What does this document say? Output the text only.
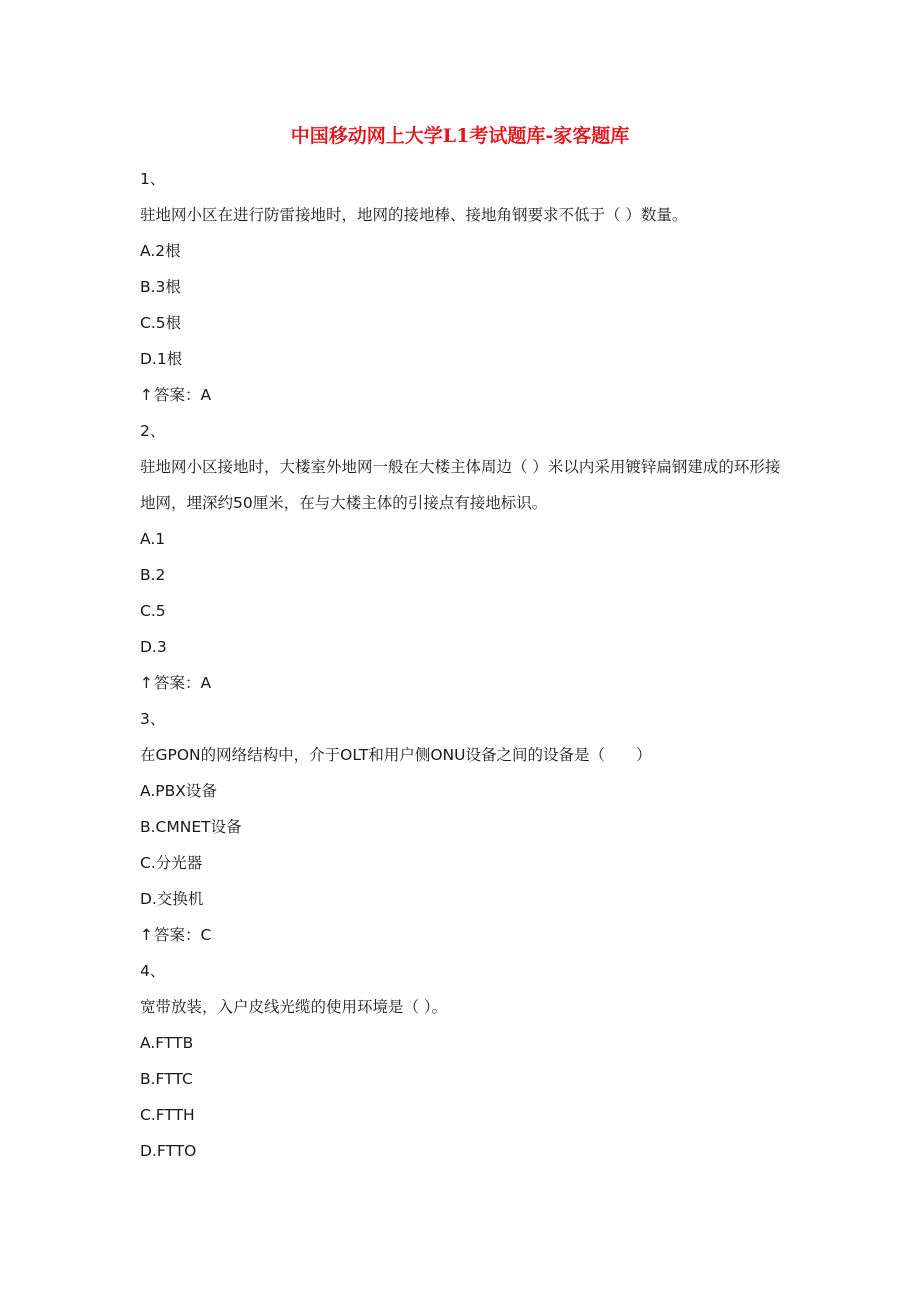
中国移动网上大学L1考试题库-家客题库
1、
驻地网小区在进行防雷接地时，地网的接地棒、接地角钢要求不低于（ ）数量。
A.2根
B.3根
C.5根
D.1根
↑答案：A
2、
驻地网小区接地时，大楼室外地网一般在大楼主体周边（ ）米以内采用镀锌扁钢建成的环形接地网，埋深约50厘米，在与大楼主体的引接点有接地标识。
A.1
B.2
C.5
D.3
↑答案：A
3、
在GPON的网络结构中，介于OLT和用户侧ONU设备之间的设备是（　　）
A.PBX设备
B.CMNET设备
C.分光器
D.交换机
↑答案：C
4、
宽带放装，入户皮线光缆的使用环境是（ ）。
A.FTTB
B.FTTC
C.FTTH
D.FTTO
